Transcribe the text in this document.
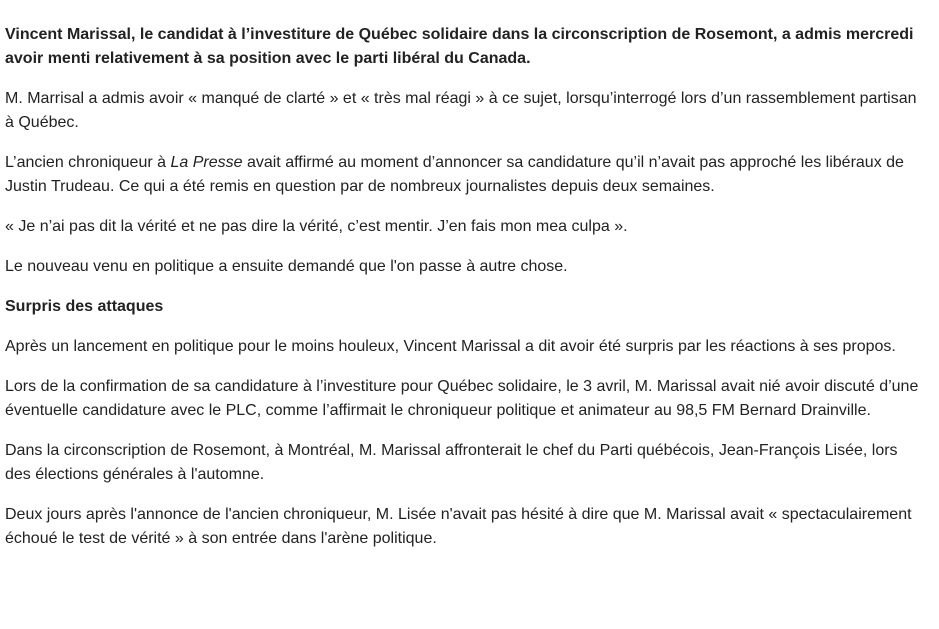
Vincent Marissal, le candidat à l’investiture de Québec solidaire dans la circonscription de Rosemont, a admis mercredi avoir menti relativement à sa position avec le parti libéral du Canada.

M. Marrisal a admis avoir « manqué de clarté » et « très mal réagi » à ce sujet, lorsqu’interrogé lors d’un rassemblement partisan à Québec.

L’ancien chroniqueur à La Presse avait affirmé au moment d’annoncer sa candidature qu’il n’avait pas approché les libéraux de Justin Trudeau. Ce qui a été remis en question par de nombreux journalistes depuis deux semaines.

« Je n’ai pas dit la vérité et ne pas dire la vérité, c’est mentir. J’en fais mon mea culpa ».

Le nouveau venu en politique a ensuite demandé que l'on passe à autre chose.

Surpris des attaques

Après un lancement en politique pour le moins houleux, Vincent Marissal a dit avoir été surpris par les réactions à ses propos.

Lors de la confirmation de sa candidature à l’investiture pour Québec solidaire, le 3 avril, M. Marissal avait nié avoir discuté d’une éventuelle candidature avec le PLC, comme l’affirmait le chroniqueur politique et animateur au 98,5 FM Bernard Drainville.

Dans la circonscription de Rosemont, à Montréal, M. Marissal affronterait le chef du Parti québécois, Jean-François Lisée, lors des élections générales à l'automne.

Deux jours après l'annonce de l'ancien chroniqueur, M. Lisée n'avait pas hésité à dire que M. Marissal avait « spectaculairement échoué le test de vérité » à son entrée dans l'arène politique.
